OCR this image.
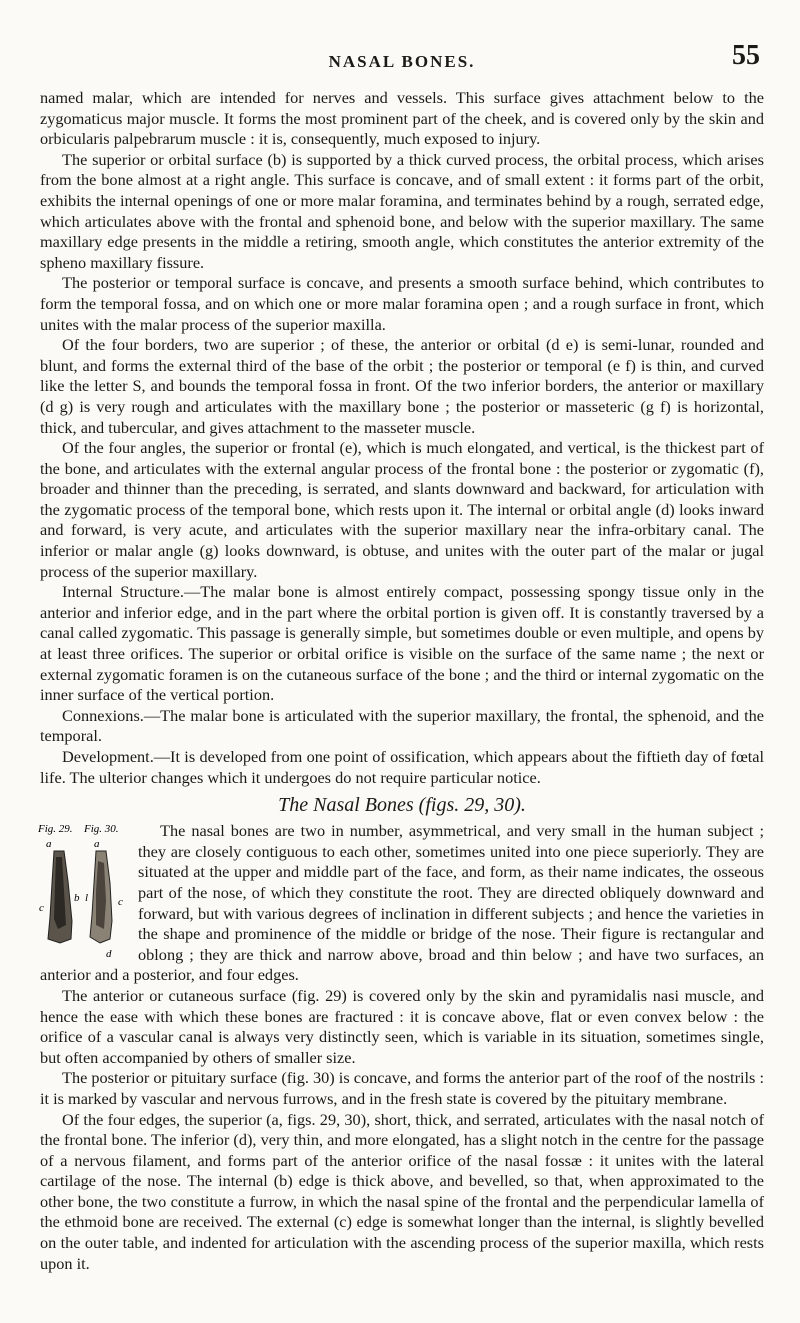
NASAL BONES.	55

named malar, which are intended for nerves and vessels. This surface gives attachment below to the zygomaticus major muscle. It forms the most prominent part of the cheek, and is covered only by the skin and orbicularis palpebrarum muscle : it is, consequently, much exposed to injury.

The superior or orbital surface (b) is supported by a thick curved process, the orbital process, which arises from the bone almost at a right angle. This surface is concave, and of small extent : it forms part of the orbit, exhibits the internal openings of one or more malar foramina, and terminates behind by a rough, serrated edge, which articulates above with the frontal and sphenoid bone, and below with the superior maxillary. The same maxillary edge presents in the middle a retiring, smooth angle, which constitutes the anterior extremity of the spheno maxillary fissure.

The posterior or temporal surface is concave, and presents a smooth surface behind, which contributes to form the temporal fossa, and on which one or more malar foramina open ; and a rough surface in front, which unites with the malar process of the superior maxilla.

Of the four borders, two are superior ; of these, the anterior or orbital (d e) is semi-lunar, rounded and blunt, and forms the external third of the base of the orbit ; the posterior or temporal (e f) is thin, and curved like the letter S, and bounds the temporal fossa in front. Of the two inferior borders, the anterior or maxillary (d g) is very rough and articulates with the maxillary bone ; the posterior or masseteric (g f) is horizontal, thick, and tubercular, and gives attachment to the masseter muscle.

Of the four angles, the superior or frontal (e), which is much elongated, and vertical, is the thickest part of the bone, and articulates with the external angular process of the frontal bone : the posterior or zygomatic (f), broader and thinner than the preceding, is serrated, and slants downward and backward, for articulation with the zygomatic process of the temporal bone, which rests upon it. The internal or orbital angle (d) looks inward and forward, is very acute, and articulates with the superior maxillary near the infra-orbitary canal. The inferior or malar angle (g) looks downward, is obtuse, and unites with the outer part of the malar or jugal process of the superior maxillary.

Internal Structure.—The malar bone is almost entirely compact, possessing spongy tissue only in the anterior and inferior edge, and in the part where the orbital portion is given off. It is constantly traversed by a canal called zygomatic. This passage is generally simple, but sometimes double or even multiple, and opens by at least three orifices. The superior or orbital orifice is visible on the surface of the same name ; the next or external zygomatic foramen is on the cutaneous surface of the bone ; and the third or internal zygomatic on the inner surface of the vertical portion.

Connexions.—The malar bone is articulated with the superior maxillary, the frontal, the sphenoid, and the temporal.

Development.—It is developed from one point of ossification, which appears about the fiftieth day of fœtal life. The ulterior changes which it undergoes do not require particular notice.

The Nasal Bones (figs. 29, 30).
Fig. 29. Fig. 30.
a	a
b
c
l	c
d

The nasal bones are two in number, asymmetrical, and very small in the human subject ; they are closely contiguous to each other, sometimes united into one piece superiorly. They are situated at the upper and middle part of the face, and form, as their name indicates, the osseous part of the nose, of which they constitute the root. They are directed obliquely downward and forward, but with various degrees of inclination in different subjects ; and hence the varieties in the shape and prominence of the middle or bridge of the nose. Their figure is rectangular and oblong ; they are thick and narrow above, broad and thin below ; and have two surfaces, an anterior and a posterior, and four edges.

The anterior or cutaneous surface (fig. 29) is covered only by the skin and pyramidalis nasi muscle, and hence the ease with which these bones are fractured : it is concave above, flat or even convex below : the orifice of a vascular canal is always very distinctly seen, which is variable in its situation, sometimes single, but often accompanied by others of smaller size.

The posterior or pituitary surface (fig. 30) is concave, and forms the anterior part of the roof of the nostrils : it is marked by vascular and nervous furrows, and in the fresh state is covered by the pituitary membrane.

Of the four edges, the superior (a, figs. 29, 30), short, thick, and serrated, articulates with the nasal notch of the frontal bone. The inferior (d), very thin, and more elongated, has a slight notch in the centre for the passage of a nervous filament, and forms part of the anterior orifice of the nasal fossæ : it unites with the lateral cartilage of the nose. The internal (b) edge is thick above, and bevelled, so that, when approximated to the other bone, the two constitute a furrow, in which the nasal spine of the frontal and the perpendicular lamella of the ethmoid bone are received. The external (c) edge is somewhat longer than the internal, is slightly bevelled on the outer table, and indented for articulation with the ascending process of the superior maxilla, which rests upon it.
